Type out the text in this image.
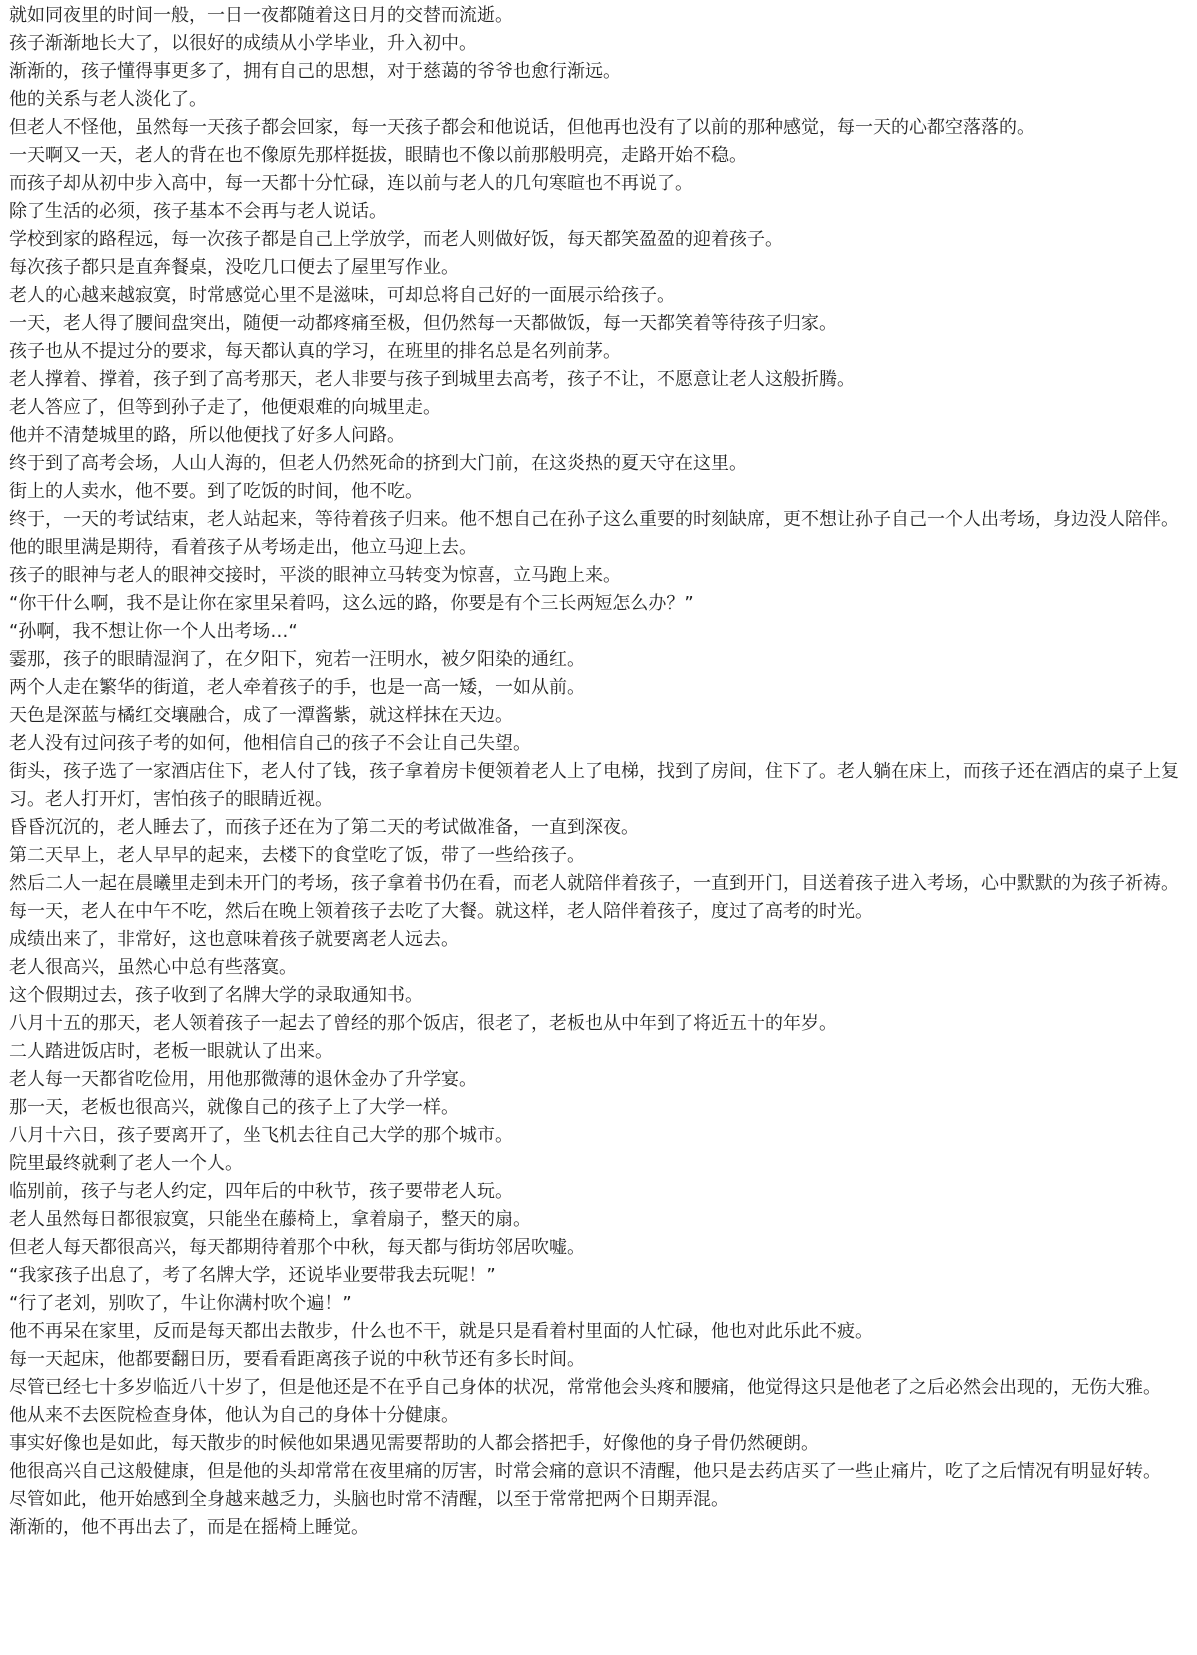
就如同夜里的时间一般，一日一夜都随着这日月的交替而流逝。

孩子渐渐地长大了，以很好的成绩从小学毕业，升入初中。

渐渐的，孩子懂得事更多了，拥有自己的思想，对于慈蔼的爷爷也愈行渐远。

他的关系与老人淡化了。

但老人不怪他，虽然每一天孩子都会回家，每一天孩子都会和他说话，但他再也没有了以前的那种感觉，每一天的心都空落落的。

一天啊又一天，老人的背在也不像原先那样挺拔，眼睛也不像以前那般明亮，走路开始不稳。

而孩子却从初中步入高中，每一天都十分忙碌，连以前与老人的几句寒暄也不再说了。

除了生活的必须，孩子基本不会再与老人说话。

学校到家的路程远，每一次孩子都是自己上学放学，而老人则做好饭，每天都笑盈盈的迎着孩子。

每次孩子都只是直奔餐桌，没吃几口便去了屋里写作业。

老人的心越来越寂寞，时常感觉心里不是滋味，可却总将自己好的一面展示给孩子。

一天，老人得了腰间盘突出，随便一动都疼痛至极，但仍然每一天都做饭，每一天都笑着等待孩子归家。

孩子也从不提过分的要求，每天都认真的学习，在班里的排名总是名列前茅。

老人撑着、撑着，孩子到了高考那天，老人非要与孩子到城里去高考，孩子不让，不愿意让老人这般折腾。

老人答应了，但等到孙子走了，他便艰难的向城里走。

他并不清楚城里的路，所以他便找了好多人问路。

终于到了高考会场，人山人海的，但老人仍然死命的挤到大门前，在这炎热的夏天守在这里。

街上的人卖水，他不要。到了吃饭的时间，他不吃。

终于，一天的考试结束，老人站起来，等待着孩子归来。他不想自己在孙子这么重要的时刻缺席，更不想让孙子自己一个人出考场，身边没人陪伴。

他的眼里满是期待，看着孩子从考场走出，他立马迎上去。

孩子的眼神与老人的眼神交接时，平淡的眼神立马转变为惊喜，立马跑上来。

“你干什么啊，我不是让你在家里呆着吗，这么远的路，你要是有个三长两短怎么办？”

“孙啊，我不想让你一个人出考场…“

霎那，孩子的眼睛湿润了，在夕阳下，宛若一汪明水，被夕阳染的通红。

两个人走在繁华的街道，老人牵着孩子的手，也是一高一矮，一如从前。

天色是深蓝与橘红交壤融合，成了一潭酱紫，就这样抹在天边。

老人没有过问孩子考的如何，他相信自己的孩子不会让自己失望。

街头，孩子选了一家酒店住下，老人付了钱，孩子拿着房卡便领着老人上了电梯，找到了房间，住下了。老人躺在床上，而孩子还在酒店的桌子上复习。老人打开灯，害怕孩子的眼睛近视。

昏昏沉沉的，老人睡去了，而孩子还在为了第二天的考试做准备，一直到深夜。

第二天早上，老人早早的起来，去楼下的食堂吃了饭，带了一些给孩子。

然后二人一起在晨曦里走到未开门的考场，孩子拿着书仍在看，而老人就陪伴着孩子，一直到开门，目送着孩子进入考场，心中默默的为孩子祈祷。

每一天，老人在中午不吃，然后在晚上领着孩子去吃了大餐。就这样，老人陪伴着孩子，度过了高考的时光。

成绩出来了，非常好，这也意味着孩子就要离老人远去。

老人很高兴，虽然心中总有些落寞。

这个假期过去，孩子收到了名牌大学的录取通知书。

八月十五的那天，老人领着孩子一起去了曾经的那个饭店，很老了，老板也从中年到了将近五十的年岁。

二人踏进饭店时，老板一眼就认了出来。

老人每一天都省吃俭用，用他那微薄的退休金办了升学宴。

那一天，老板也很高兴，就像自己的孩子上了大学一样。

八月十六日，孩子要离开了，坐飞机去往自己大学的那个城市。

院里最终就剩了老人一个人。

临别前，孩子与老人约定，四年后的中秋节，孩子要带老人玩。

老人虽然每日都很寂寞，只能坐在藤椅上，拿着扇子，整天的扇。

但老人每天都很高兴，每天都期待着那个中秋，每天都与街坊邻居吹嘘。

“我家孩子出息了，考了名牌大学，还说毕业要带我去玩呢！”

“行了老刘，别吹了，牛让你满村吹个遍！”

他不再呆在家里，反而是每天都出去散步，什么也不干，就是只是看着村里面的人忙碌，他也对此乐此不疲。

每一天起床，他都要翻日历，要看看距离孩子说的中秋节还有多长时间。

尽管已经七十多岁临近八十岁了，但是他还是不在乎自己身体的状况，常常他会头疼和腰痛，他觉得这只是他老了之后必然会出现的，无伤大雅。

他从来不去医院检查身体，他认为自己的身体十分健康。

事实好像也是如此，每天散步的时候他如果遇见需要帮助的人都会搭把手，好像他的身子骨仍然硬朗。

他很高兴自己这般健康，但是他的头却常常在夜里痛的厉害，时常会痛的意识不清醒，他只是去药店买了一些止痛片，吃了之后情况有明显好转。

尽管如此，他开始感到全身越来越乏力，头脑也时常不清醒，以至于常常把两个日期弄混。

渐渐的，他不再出去了，而是在摇椅上睡觉。
